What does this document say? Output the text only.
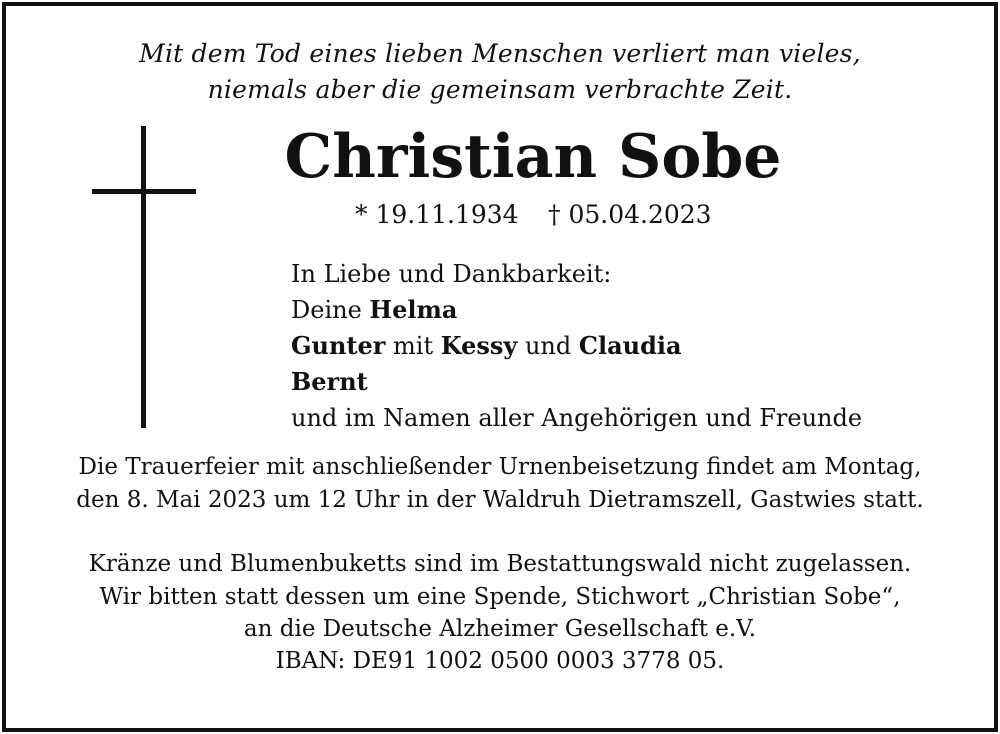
Mit dem Tod eines lieben Menschen verliert man vieles,
niemals aber die gemeinsam verbrachte Zeit.
Christian Sobe
* 19.11.1934 † 05.04.2023
In Liebe und Dankbarkeit:
Deine Helma
Gunter mit Kessy und Claudia
Bernt
und im Namen aller Angehörigen und Freunde
Die Trauerfeier mit anschließender Urnenbeisetzung findet am Montag,
den 8. Mai 2023 um 12 Uhr in der Waldruh Dietramszell, Gastwies statt.
Kränze und Blumenbuketts sind im Bestattungswald nicht zugelassen.
Wir bitten statt dessen um eine Spende, Stichwort „Christian Sobe“,
an die Deutsche Alzheimer Gesellschaft e.V.
IBAN: DE91 1002 0500 0003 3778 05.
